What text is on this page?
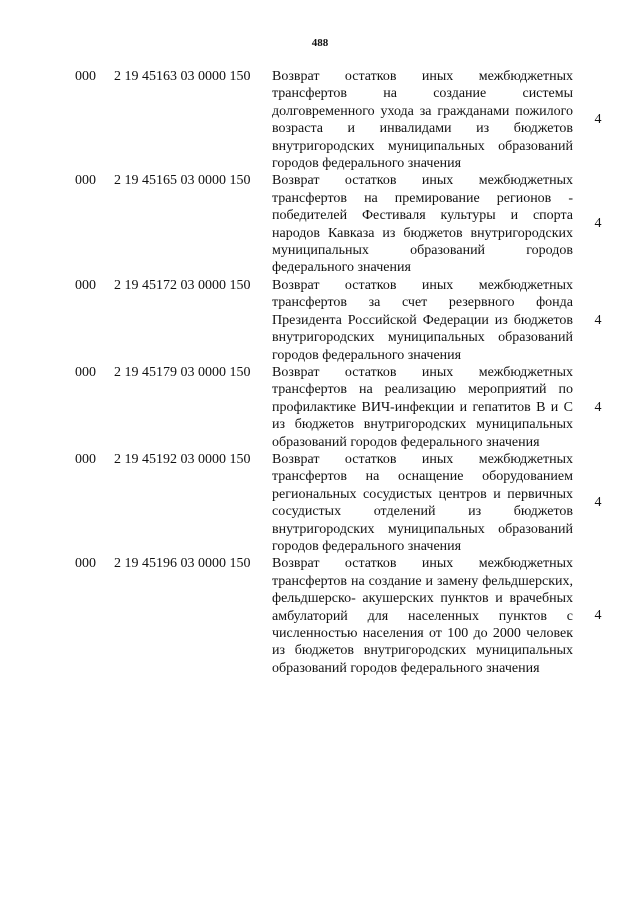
488
000 2 19 45163 03 0000 150 Возврат остатков иных межбюджетных трансфертов на создание системы долговременного ухода за гражданами пожилого возраста и инвалидами из бюджетов внутригородских муниципальных образований городов федерального значения
4
000 2 19 45165 03 0000 150 Возврат остатков иных межбюджетных трансфертов на премирование регионов - победителей Фестиваля культуры и спорта народов Кавказа из бюджетов внутригородских муниципальных образований городов федерального значения
4
000 2 19 45172 03 0000 150 Возврат остатков иных межбюджетных трансфертов за счет резервного фонда Президента Российской Федерации из бюджетов внутригородских муниципальных образований городов федерального значения
4
000 2 19 45179 03 0000 150 Возврат остатков иных межбюджетных трансфертов на реализацию мероприятий по профилактике ВИЧ-инфекции и гепатитов В и С из бюджетов внутригородских муниципальных образований городов федерального значения
4
000 2 19 45192 03 0000 150 Возврат остатков иных межбюджетных трансфертов на оснащение оборудованием региональных сосудистых центров и первичных сосудистых отделений из бюджетов внутригородских муниципальных образований городов федерального значения
4
000 2 19 45196 03 0000 150 Возврат остатков иных межбюджетных трансфертов на создание и замену фельдшерских, фельдшерско- акушерских пунктов и врачебных амбулаторий для населенных пунктов с численностью населения от 100 до 2000 человек из бюджетов внутригородских муниципальных образований городов федерального значения
4
